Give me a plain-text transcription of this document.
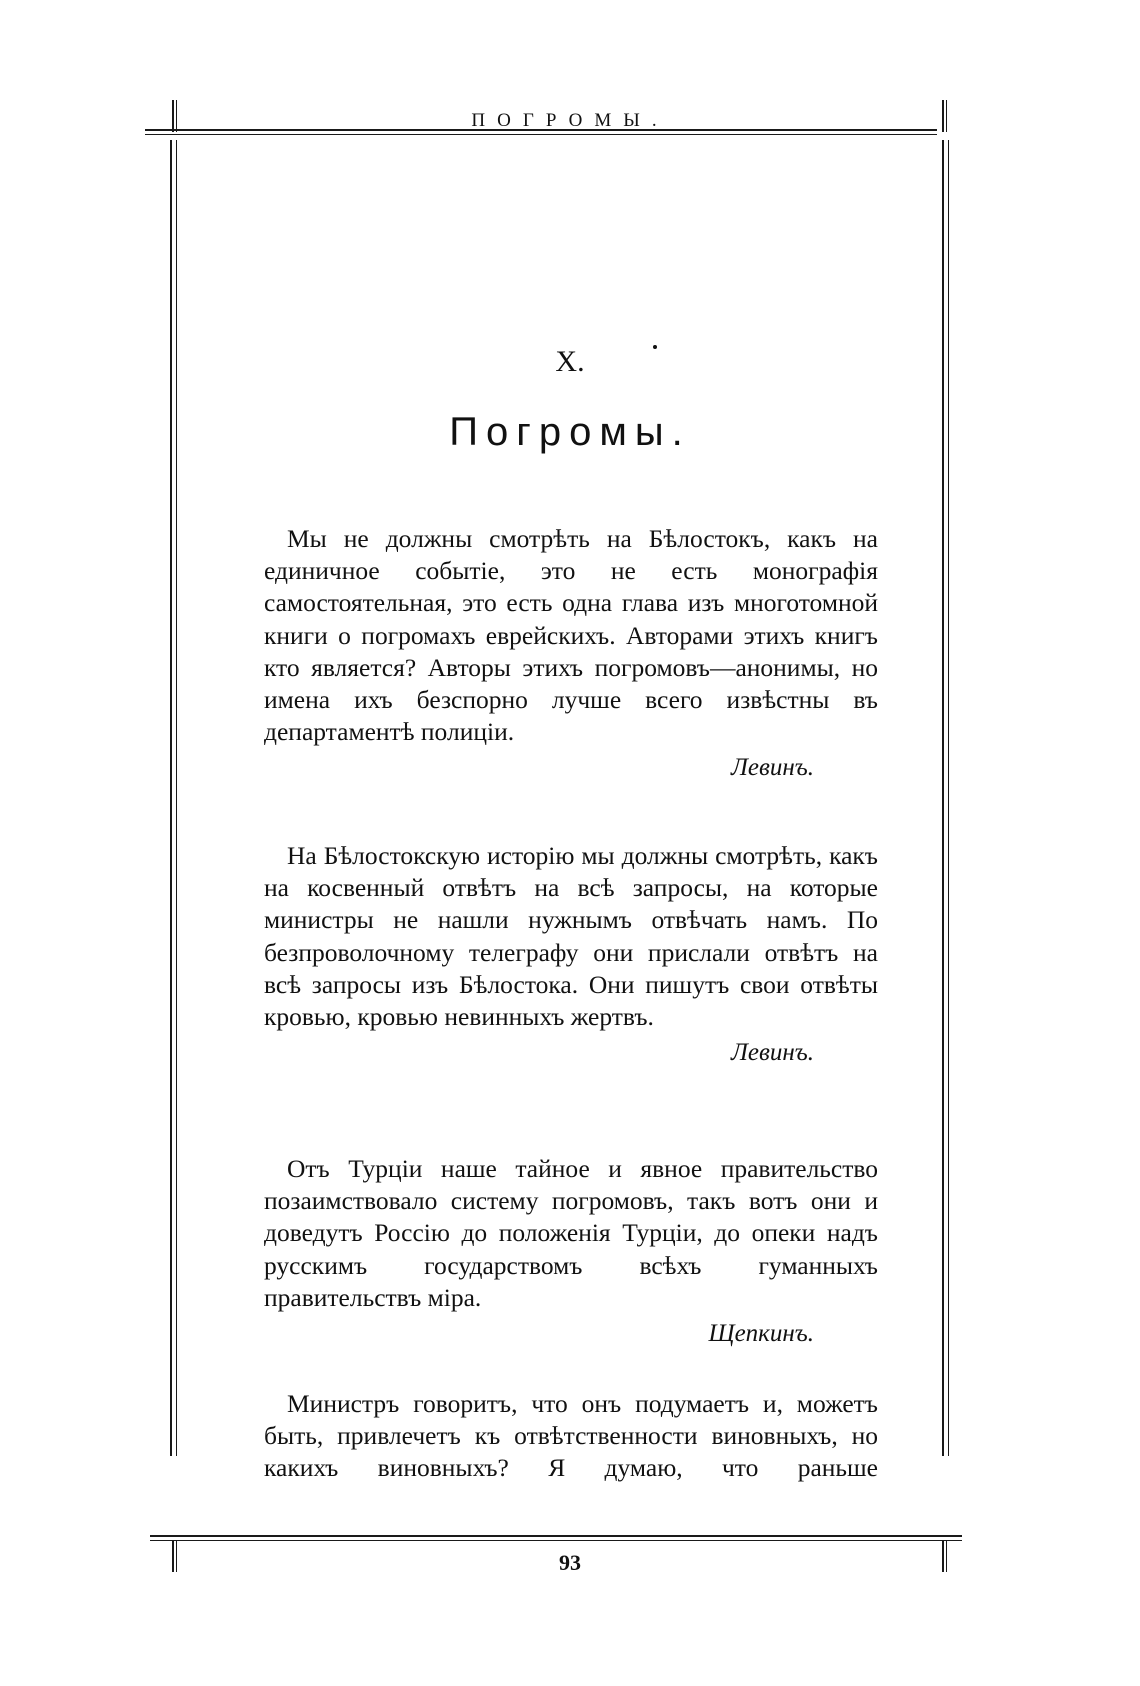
ПОГРОМЫ.
X.
Погромы.

Мы не должны смотрѣть на Бѣлостокъ, какъ на единичное событіе, это не есть монографія самостоятельная, это есть одна глава изъ многотомной книги о погромахъ еврейскихъ. Авторами этихъ книгъ кто является? Авторы этихъ погромовъ—анонимы, но имена ихъ безспорно лучше всего извѣстны въ департаментѣ полиціи.

Левинъ.

На Бѣлостокскую исторію мы должны смотрѣть, какъ на косвенный отвѣтъ на всѣ запросы, на которые министры не нашли нужнымъ отвѣчать намъ. По безпроволочному телеграфу они прислали отвѣтъ на всѣ запросы изъ Бѣлостока. Они пишутъ свои отвѣты кровью, кровью невинныхъ жертвъ.

Левинъ.

Отъ Турціи наше тайное и явное правительство позаимствовало систему погромовъ, такъ вотъ они и доведутъ Россію до положенія Турціи, до опеки надъ русскимъ государствомъ всѣхъ гуманныхъ правительствъ міра.

Щепкинъ.

Министръ говоритъ, что онъ подумаетъ и, можетъ быть, привлечетъ къ отвѣтственности виновныхъ, но какихъ виновныхъ? Я думаю, что раньше

93
